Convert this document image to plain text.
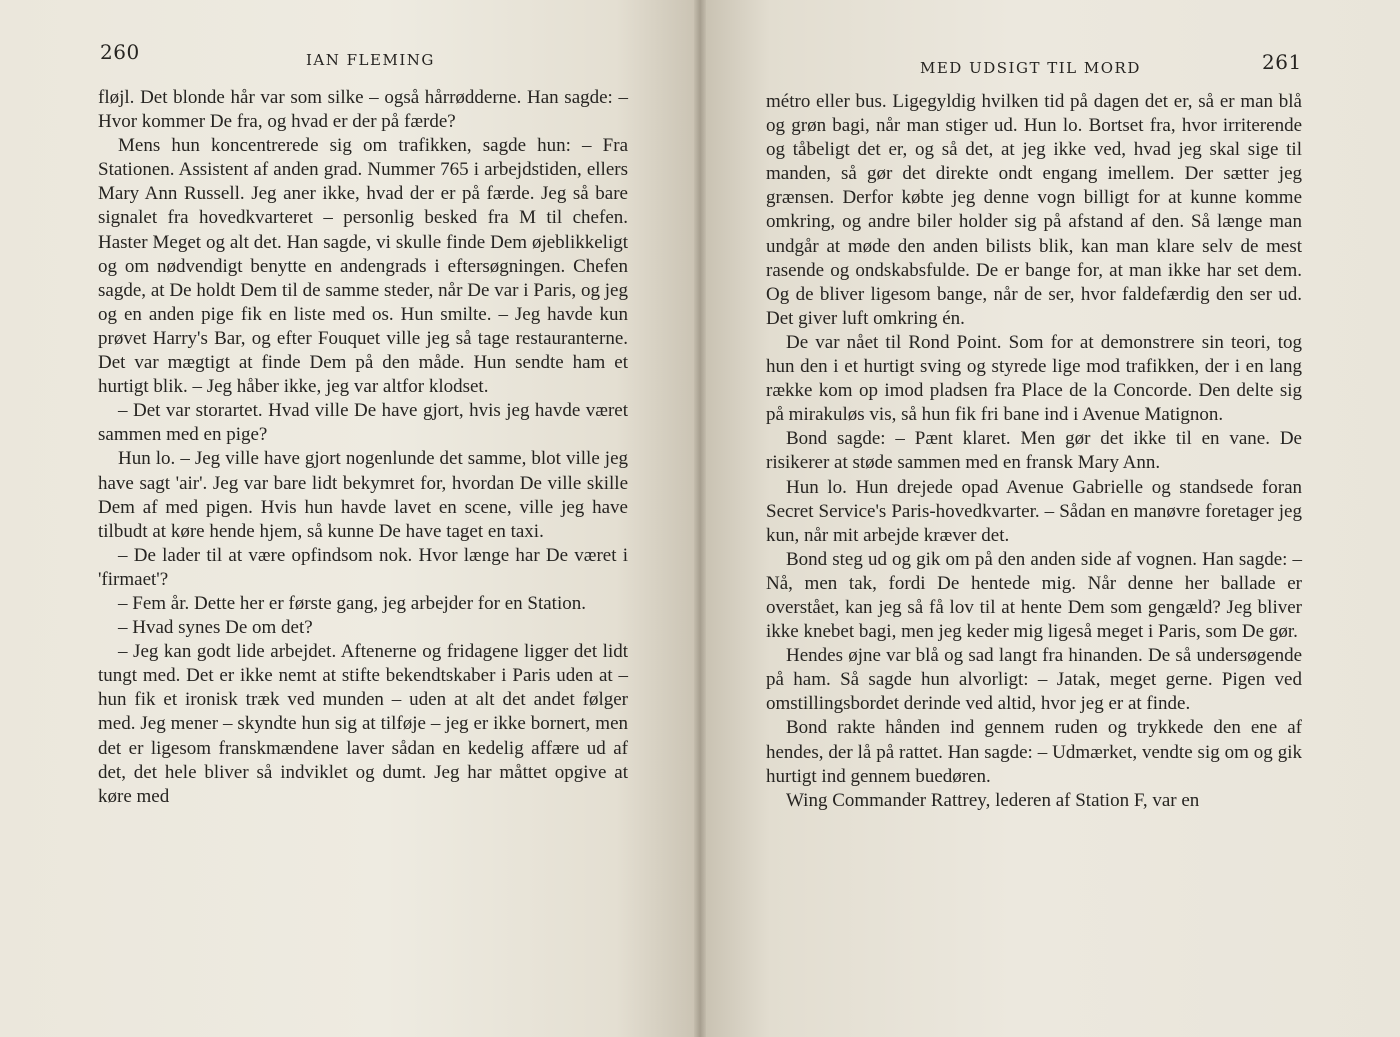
260	IAN FLEMING

fløjl. Det blonde hår var som silke – også hårrødderne. Han sagde: – Hvor kommer De fra, og hvad er der på færde?

Mens hun koncentrerede sig om trafikken, sagde hun: – Fra Stationen. Assistent af anden grad. Nummer 765 i arbejdstiden, ellers Mary Ann Russell. Jeg aner ikke, hvad der er på færde. Jeg så bare signalet fra hovedkvarteret – personlig besked fra M til chefen. Haster Meget og alt det. Han sagde, vi skulle finde Dem øjeblikkeligt og om nødvendigt benytte en andengrads i eftersøgningen. Chefen sagde, at De holdt Dem til de samme steder, når De var i Paris, og jeg og en anden pige fik en liste med os. Hun smilte. – Jeg havde kun prøvet Harry's Bar, og efter Fouquet ville jeg så tage restauranterne. Det var mægtigt at finde Dem på den måde. Hun sendte ham et hurtigt blik. – Jeg håber ikke, jeg var altfor klodset.

– Det var storartet. Hvad ville De have gjort, hvis jeg havde været sammen med en pige?

Hun lo. – Jeg ville have gjort nogenlunde det samme, blot ville jeg have sagt 'air'. Jeg var bare lidt bekymret for, hvordan De ville skille Dem af med pigen. Hvis hun havde lavet en scene, ville jeg have tilbudt at køre hende hjem, så kunne De have taget en taxi.

– De lader til at være opfindsom nok. Hvor længe har De været i 'firmaet'?

– Fem år. Dette her er første gang, jeg arbejder for en Station.

– Hvad synes De om det?

– Jeg kan godt lide arbejdet. Aftenerne og fridagene ligger det lidt tungt med. Det er ikke nemt at stifte bekendtskaber i Paris uden at – hun fik et ironisk træk ved munden – uden at alt det andet følger med. Jeg mener – skyndte hun sig at tilføje – jeg er ikke bornert, men det er ligesom franskmændene laver sådan en kedelig affære ud af det, det hele bliver så indviklet og dumt. Jeg har måttet opgive at køre med

MED UDSIGT TIL MORD	261

métro eller bus. Ligegyldig hvilken tid på dagen det er, så er man blå og grøn bagi, når man stiger ud. Hun lo. Bortset fra, hvor irriterende og tåbeligt det er, og så det, at jeg ikke ved, hvad jeg skal sige til manden, så gør det direkte ondt engang imellem. Der sætter jeg grænsen. Derfor købte jeg denne vogn billigt for at kunne komme omkring, og andre biler holder sig på afstand af den. Så længe man undgår at møde den anden bilists blik, kan man klare selv de mest rasende og ondskabsfulde. De er bange for, at man ikke har set dem. Og de bliver ligesom bange, når de ser, hvor faldefærdig den ser ud. Det giver luft omkring én.

De var nået til Rond Point. Som for at demonstrere sin teori, tog hun den i et hurtigt sving og styrede lige mod trafikken, der i en lang række kom op imod pladsen fra Place de la Concorde. Den delte sig på mirakuløs vis, så hun fik fri bane ind i Avenue Matignon.

Bond sagde: – Pænt klaret. Men gør det ikke til en vane. De risikerer at støde sammen med en fransk Mary Ann.

Hun lo. Hun drejede opad Avenue Gabrielle og standsede foran Secret Service's Paris-hovedkvarter. – Sådan en manøvre foretager jeg kun, når mit arbejde kræver det.

Bond steg ud og gik om på den anden side af vognen. Han sagde: – Nå, men tak, fordi De hentede mig. Når denne her ballade er overstået, kan jeg så få lov til at hente Dem som gengæld? Jeg bliver ikke knebet bagi, men jeg keder mig ligeså meget i Paris, som De gør.

Hendes øjne var blå og sad langt fra hinanden. De så undersøgende på ham. Så sagde hun alvorligt: – Jatak, meget gerne. Pigen ved omstillingsbordet derinde ved altid, hvor jeg er at finde.

Bond rakte hånden ind gennem ruden og trykkede den ene af hendes, der lå på rattet. Han sagde: – Udmærket, vendte sig om og gik hurtigt ind gennem buedøren.

Wing Commander Rattrey, lederen af Station F, var en
